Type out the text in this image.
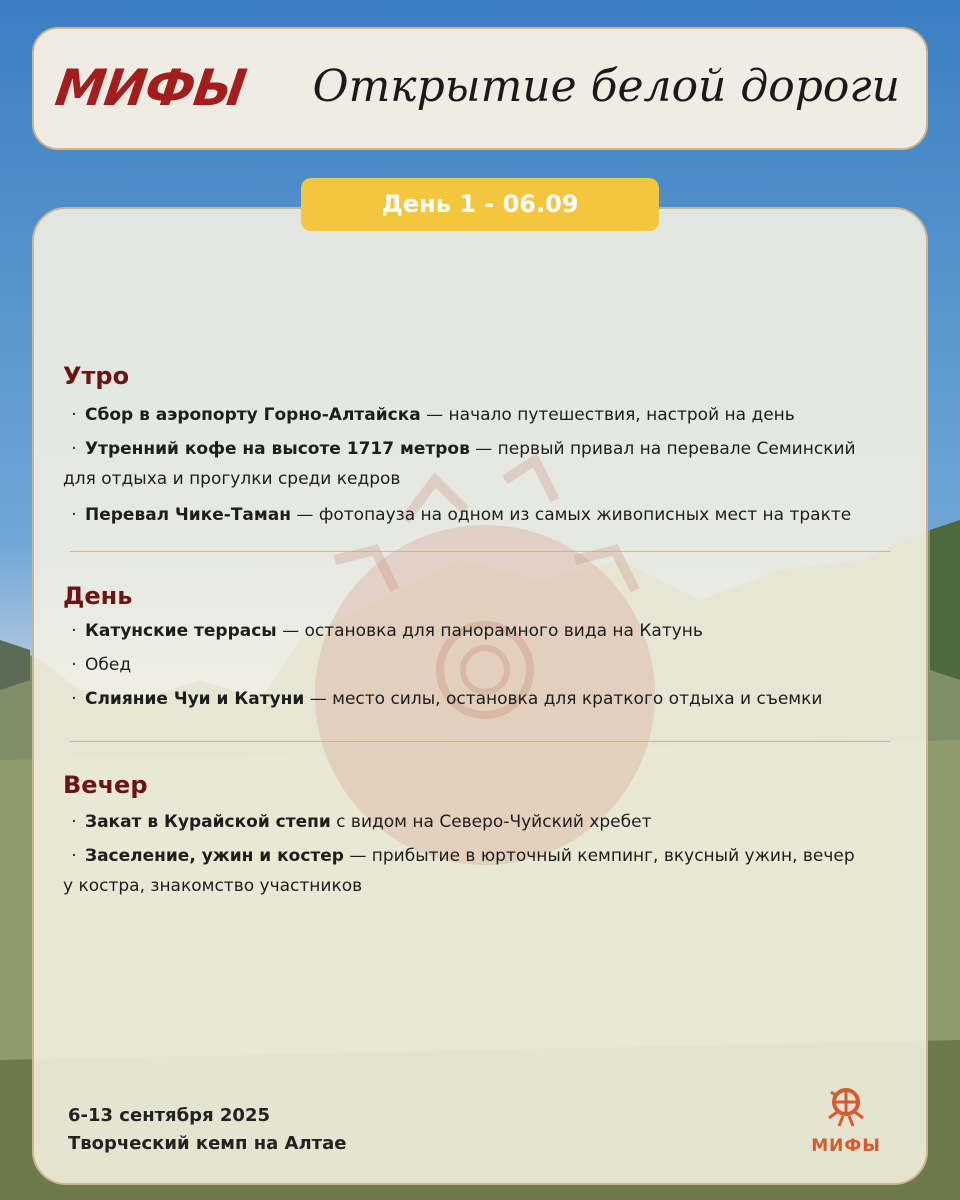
МИФЫ Открытие белой дороги
День 1 - 06.09
Утро

· Сбор в аэропорту Горно-Алтайска — начало путешествия, настрой на день

· Утренний кофе на высоте 1717 метров — первый привал на перевале Семинский

для отдыха и прогулки среди кедров

· Перевал Чике-Таман — фотопауза на одном из самых живописных мест на тракте

День

· Катунские террасы — остановка для панорамного вида на Катунь

· Обед

· Слияние Чуи и Катуни — место силы, остановка для краткого отдыха и съемки

Вечер

· Закат в Курайской степи с видом на Северо-Чуйский хребет

· Заселение, ужин и костер — прибытие в юрточный кемпинг, вкусный ужин, вечер

у костра, знакомство участников

6-13 сентября 2025
Творческий кемп на Алтае	МИФЫ
